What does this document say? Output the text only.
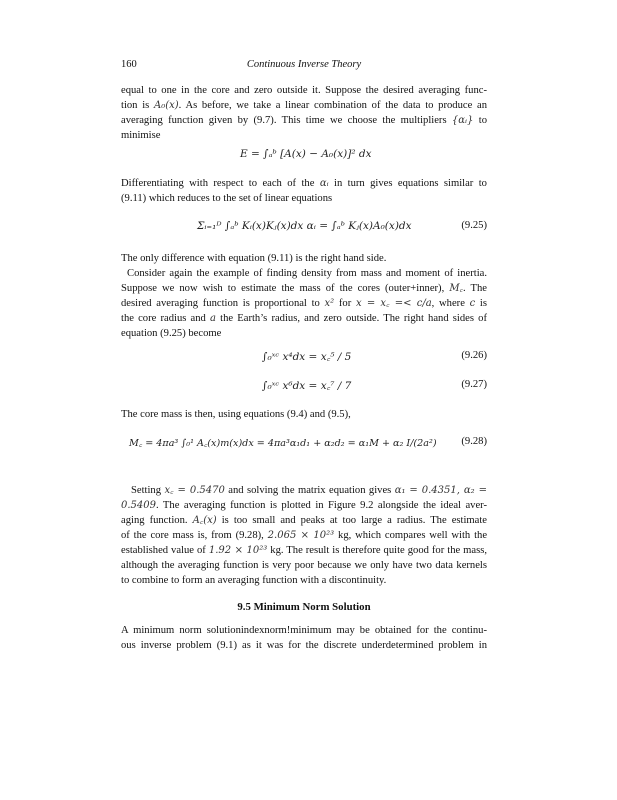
160	Continuous Inverse Theory
equal to one in the core and zero outside it. Suppose the desired averaging func-
tion is A₀(x). As before, we take a linear combination of the data to produce an
averaging function given by (9.7). This time we choose the multipliers {αᵢ} to
minimise
E = ∫ₐᵇ [A(x) − A₀(x)]² dx
Differentiating with respect to each of the αᵢ in turn gives equations similar to
(9.11) which reduces to the set of linear equations
Σᵢ₌₁ᴰ ∫ₐᵇ Kᵢ(x)Kⱼ(x)dx αᵢ = ∫ₐᵇ Kⱼ(x)A₀(x)dx	(9.25)
The only difference with equation (9.11) is the right hand side.
Consider again the example of finding density from mass and moment of inertia.
Suppose we now wish to estimate the mass of the cores (outer+inner), M꜀. The
desired averaging function is proportional to x² for x = x꜀ =< c/a, where c is
the core radius and a the Earth’s radius, and zero outside. The right hand sides of
equation (9.25) become
∫₀ˣᶜ x⁴dx = x꜀⁵ / 5	(9.26)
∫₀ˣᶜ x⁶dx = x꜀⁷ / 7	(9.27)
The core mass is then, using equations (9.4) and (9.5),
M꜀ = 4πa³ ∫₀¹ A꜀(x)m(x)dx = 4πa³α₁d₁ + α₂d₂ = α₁M + α₂ I/(2a²) (9.28)
Setting x꜀ = 0.5470 and solving the matrix equation gives α₁ = 0.4351, α₂ =
0.5409. The averaging function is plotted in Figure 9.2 alongside the ideal aver-
aging function. A꜀(x) is too small and peaks at too large a radius. The estimate
of the core mass is, from (9.28), 2.065 × 10²³ kg, which compares well with the
established value of 1.92 × 10²³ kg. The result is therefore quite good for the mass,
although the averaging function is very poor because we only have two data kernels
to combine to form an averaging function with a discontinuity.
9.5 Minimum Norm Solution
A minimum norm solutionindexnorm!minimum may be obtained for the continu-
ous inverse problem (9.1) as it was for the discrete underdetermined problem in
